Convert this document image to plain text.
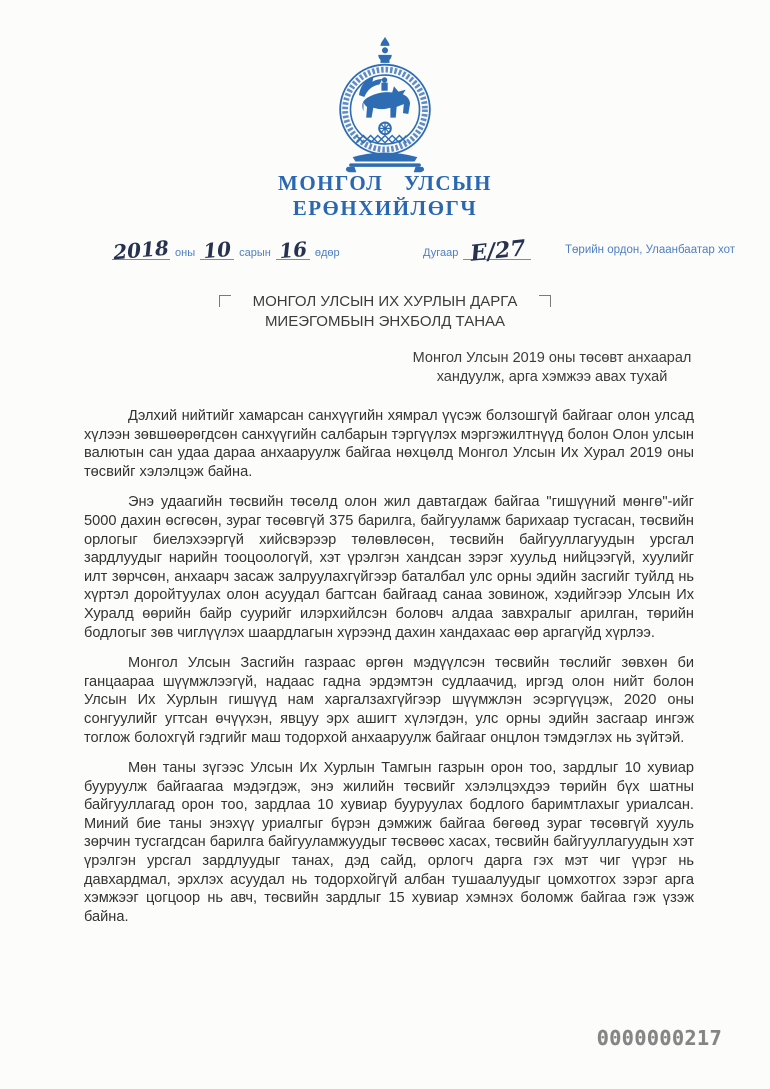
МОНГОЛ УЛСЫН
ЕРӨНХИЙЛӨГЧ
2018 оны 10 сарын 16 өдөр	Дугаар Е/27	Төрийн ордон, Улаанбаатар хот
МОНГОЛ УЛСЫН ИХ ХУРЛЫН ДАРГА
МИЕЭГОМБЫН ЭНХБОЛД ТАНАА
Монгол Улсын 2019 оны төсөвт анхаарал
хандуулж, арга хэмжээ авах тухай

Дэлхий нийтийг хамарсан санхүүгийн хямрал үүсэж болзошгүй байгааг олон улсад хүлээн зөвшөөрөгдсөн санхүүгийн салбарын тэргүүлэх мэргэжилтнүүд болон Олон улсын валютын сан удаа дараа анхааруулж байгаа нөхцөлд Монгол Улсын Их Хурал 2019 оны төсвийг хэлэлцэж байна.

Энэ удаагийн төсвийн төсөлд олон жил давтагдаж байгаа "гишүүний мөнгө"-ийг 5000 дахин өсгөсөн, зураг төсөвгүй 375 барилга, байгууламж барихаар тусгасан, төсвийн орлогыг биелэхээргүй хийсвэрээр төлөвлөсөн, төсвийн байгууллагуудын урсгал зардлуудыг нарийн тооцоологүй, хэт үрэлгэн хандсан зэрэг хуульд нийцээгүй, хуулийг илт зөрчсөн, анхаарч засаж залруулахгүйгээр баталбал улс орны эдийн засгийг туйлд нь хүртэл доройтуулах олон асуудал багтсан байгаад санаа зовинож, хэдийгээр Улсын Их Хуралд өөрийн байр суурийг илэрхийлсэн боловч алдаа завхралыг арилган, төрийн бодлогыг зөв чиглүүлэх шаардлагын хүрээнд дахин хандахаас өөр аргагүйд хүрлээ.

Монгол Улсын Засгийн газраас өргөн мэдүүлсэн төсвийн төслийг зөвхөн би ганцаараа шүүмжлээгүй, надаас гадна эрдэмтэн судлаачид, иргэд олон нийт болон Улсын Их Хурлын гишүүд нам харгалзахгүйгээр шүүмжлэн эсэргүүцэж, 2020 оны сонгуулийг угтсан өчүүхэн, явцуу эрх ашигт хүлэгдэн, улс орны эдийн засгаар ингэж тоглож болохгүй гэдгийг маш тодорхой анхааруулж байгааг онцлон тэмдэглэх нь зүйтэй.

Мөн таны зүгээс Улсын Их Хурлын Тамгын газрын орон тоо, зардлыг 10 хувиар бууруулж байгаагаа мэдэгдэж, энэ жилийн төсвийг хэлэлцэхдээ төрийн бүх шатны байгууллагад орон тоо, зардлаа 10 хувиар бууруулах бодлого баримтлахыг уриалсан. Миний бие таны энэхүү уриалгыг бүрэн дэмжиж байгаа бөгөөд зураг төсөвгүй хууль зөрчин тусгагдсан барилга байгууламжуудыг төсвөөс хасах, төсвийн байгууллагуудын хэт үрэлгэн урсгал зардлуудыг танах, дэд сайд, орлогч дарга гэх мэт чиг үүрэг нь давхардмал, эрхлэх асуудал нь тодорхойгүй албан тушаалуудыг цомхотгох зэрэг арга хэмжээг цогцоор нь авч, төсвийн зардлыг 15 хувиар хэмнэх боломж байгаа гэж үзэж байна.

0000000217
